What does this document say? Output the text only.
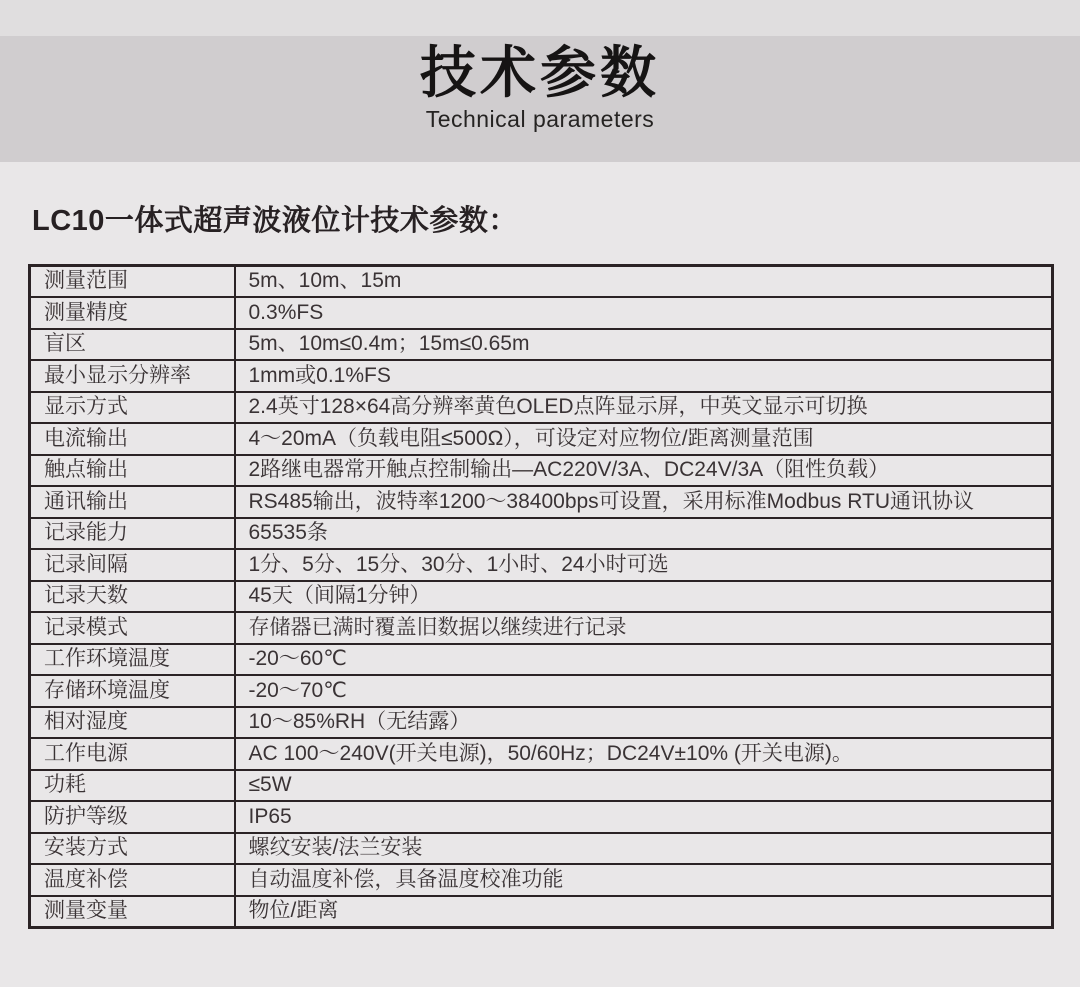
技术参数
Technical parameters
LC10一体式超声波液位计技术参数：
测量范围	5m、10m、15m
测量精度	0.3%FS
盲区	5m、10m≤0.4m；15m≤0.65m
最小显示分辨率	1mm或0.1%FS
显示方式	2.4英寸128×64高分辨率黄色OLED点阵显示屏，中英文显示可切换
电流输出	4～20mA（负载电阻≤500Ω），可设定对应物位/距离测量范围
触点输出	2路继电器常开触点控制输出—AC220V/3A、DC24V/3A（阻性负载）
通讯输出	RS485输出，波特率1200～38400bps可设置，采用标准Modbus RTU通讯协议
记录能力	65535条
记录间隔	1分、5分、15分、30分、1小时、24小时可选
记录天数	45天（间隔1分钟）
记录模式	存储器已满时覆盖旧数据以继续进行记录
工作环境温度	-20～60℃
存储环境温度	-20～70℃
相对湿度	10～85%RH（无结露）
工作电源	AC 100～240V(开关电源)，50/60Hz；DC24V±10% (开关电源)。
功耗	≤5W
防护等级	IP65
安装方式	螺纹安装/法兰安装
温度补偿	自动温度补偿，具备温度校准功能
测量变量	物位/距离
